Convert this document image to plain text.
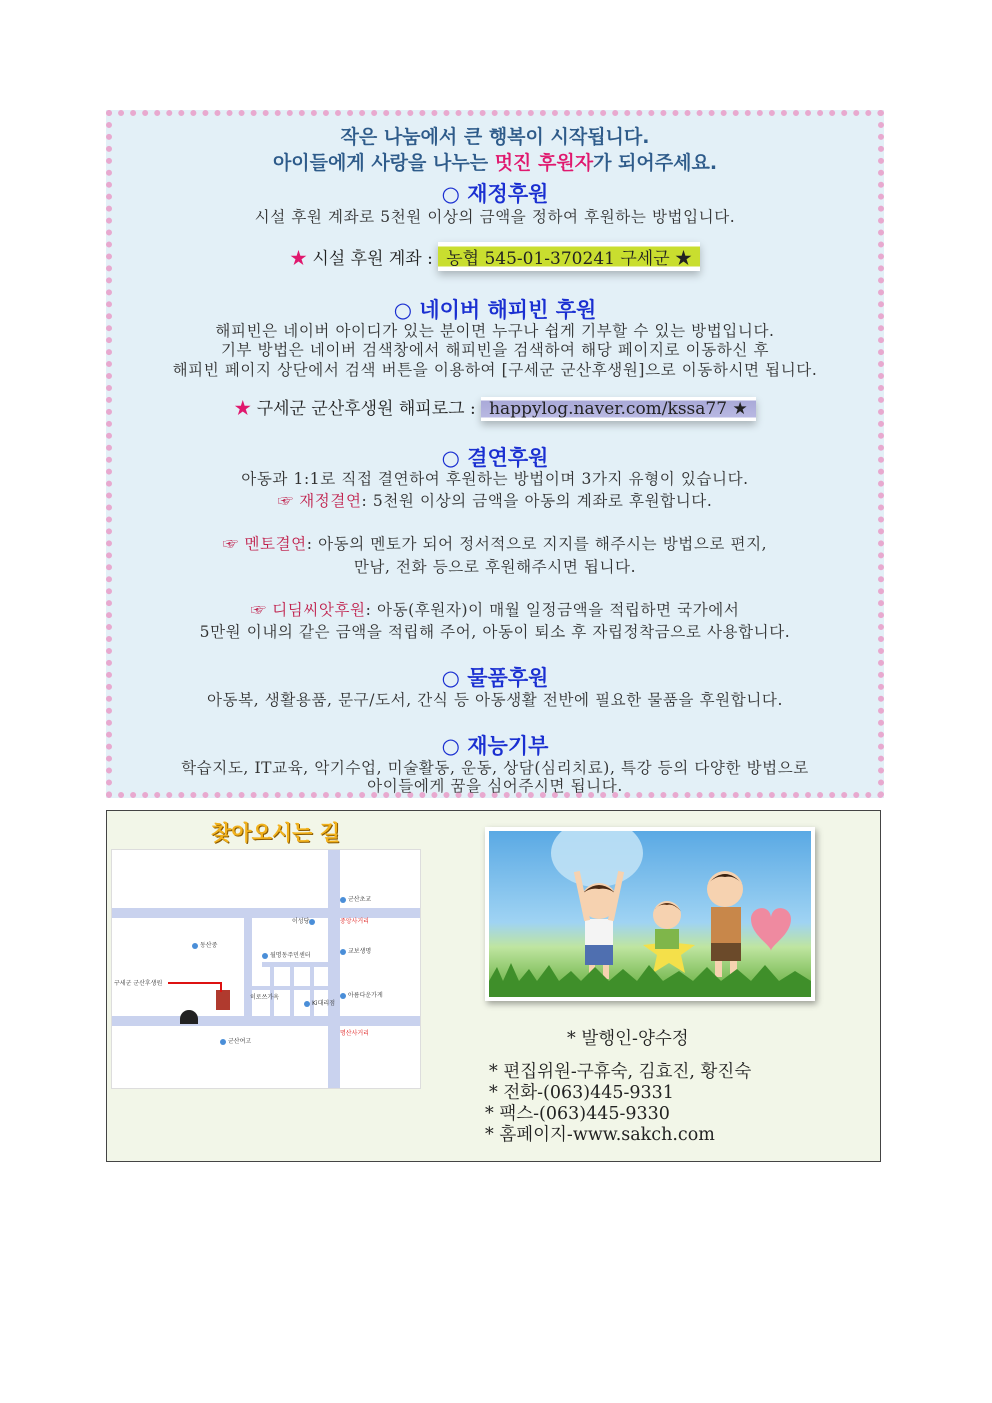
작은 나눔에서 큰 행복이 시작됩니다.
아이들에게 사랑을 나누는 멋진 후원자가 되어주세요.
○ 재정후원
시설 후원 계좌로 5천원 이상의 금액을 정하여 후원하는 방법입니다.
★ 시설 후원 계좌 : 농협 545-01-370241 구세군 ★
○ 네이버 해피빈 후원
해피빈은 네이버 아이디가 있는 분이면 누구나 쉽게 기부할 수 있는 방법입니다.
기부 방법은 네이버 검색창에서 해피빈을 검색하여 해당 페이지로 이동하신 후
해피빈 페이지 상단에서 검색 버튼을 이용하여 [구세군 군산후생원]으로 이동하시면 됩니다.
★ 구세군 군산후생원 해피로그 : happylog.naver.com/kssa77 ★
○ 결연후원
아동과 1:1로 직접 결연하여 후원하는 방법이며 3가지 유형이 있습니다.
☞ 재정결연: 5천원 이상의 금액을 아동의 계좌로 후원합니다.
☞ 멘토결연: 아동의 멘토가 되어 정서적으로 지지를 해주시는 방법으로 편지,
만남, 전화 등으로 후원해주시면 됩니다.
☞ 디딤씨앗후원: 아동(후원자)이 매월 일정금액을 적립하면 국가에서
5만원 이내의 같은 금액을 적립해 주어, 아동이 퇴소 후 자립정착금으로 사용합니다.
○ 물품후원
아동복, 생활용품, 문구/도서, 간식 등 아동생활 전반에 필요한 물품을 후원합니다.
○ 재능기부
학습지도, IT교육, 악기수업, 미술활동, 운동, 상담(심리치료), 특강 등의 다양한 방법으로
아이들에게 꿈을 심어주시면 됩니다.
찾아오시는 길
군산초교
이성당	중앙사거리
동산중
교보생명
월명동주민센터
구세군 군산후생원
히로쓰가옥
Ki대리점
아름다운가게
군산여고
명산사거리	* 발행인-양수정
* 편집위원-구휴숙, 김효진, 황진숙
* 전화-(063)445-9331
* 팩스-(063)445-9330
* 홈페이지-www.sakch.com
